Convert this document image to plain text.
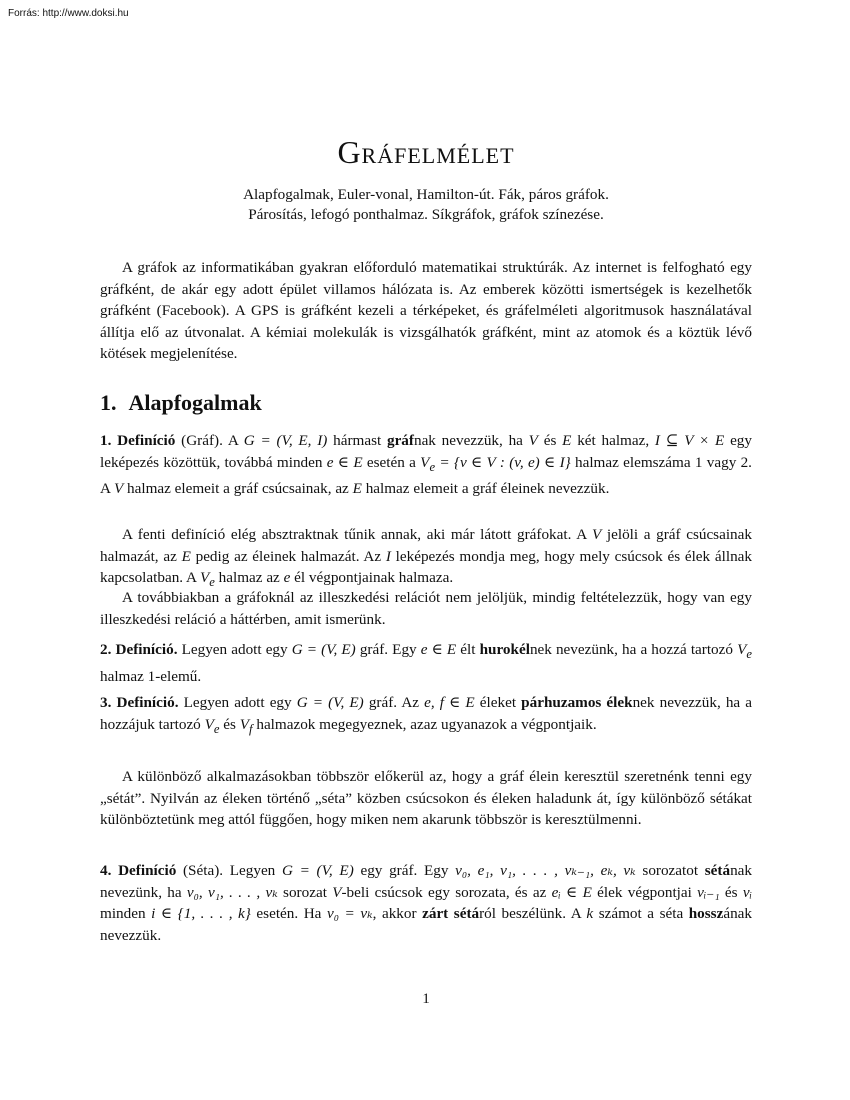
Forrás: http://www.doksi.hu
Gráfelmélet
Alapfogalmak, Euler-vonal, Hamilton-út. Fák, páros gráfok.
Párosítás, lefogó ponthalmaz. Síkgráfok, gráfok színezése.

A gráfok az informatikában gyakran előforduló matematikai struktúrák. Az internet is felfogható egy gráfként, de akár egy adott épület villamos hálózata is. Az emberek közötti ismertségek is kezelhetők gráfként (Facebook). A GPS is gráfként kezeli a térképeket, és gráfelméleti algoritmusok használatával állítja elő az útvonalat. A kémiai molekulák is vizsgálhatók gráfként, mint az atomok és a köztük lévő kötések megjelenítése.

1. Alapfogalmak

1. Definíció (Gráf). A G = (V, E, I) hármast gráfnak nevezzük, ha V és E két halmaz, I ⊆ V × E egy leképezés közöttük, továbbá minden e ∈ E esetén a $V_e = \{v$ ∈ V : (v, e) ∈ I} halmaz elemszáma 1 vagy 2. A V halmaz elemeit a gráf csúcsainak, az E halmaz elemeit a gráf éleinek nevezzük.

A fenti definíció elég absztraktnak tűnik annak, aki már látott gráfokat. A V jelöli a gráf csúcsainak halmazát, az E pedig az éleinek halmazát. Az I leképezés mondja meg, hogy mely csúcsok és élek állnak kapcsolatban. A $V_e$ halmaz az e él végpontjainak halmaza.

A továbbiakban a gráfoknál az illeszkedési relációt nem jelöljük, mindig feltételezzük, hogy van egy illeszkedési reláció a háttérben, amit ismerünk.

2. Definíció. Legyen adott egy G = (V, E) gráf. Egy e ∈ E élt hurokélnek nevezünk, ha a hozzá tartozó $V_e$ halmaz 1-elemű.

3. Definíció. Legyen adott egy G = (V, E) gráf. Az e, f ∈ E éleket párhuzamos éleknek nevezzük, ha a hozzájuk tartozó $V_e$ és $V_f$ halmazok megegyeznek, azaz ugyanazok a végpontjaik.

A különböző alkalmazásokban többször előkerül az, hogy a gráf élein keresztül szeretnénk tenni egy „sétát”. Nyilván az éleken történő „séta” közben csúcsokon és éleken haladunk át, így különböző sétákat különböztetünk meg attól függően, hogy miken nem akarunk többször is keresztülmenni.

4. Definíció (Séta). Legyen G = (V, E) egy gráf. Egy v₀, e₁, v₁, . . . , vₖ₋₁, eₖ, vₖ sorozatot sétának nevezünk, ha v₀, v₁, . . . , vₖ sorozat V-beli csúcsok egy sorozata, és az eᵢ ∈ E élek végpontjai vᵢ₋₁ és vᵢ minden i ∈ {1, . . . , k} esetén. Ha v₀ = vₖ, akkor zárt sétáról beszélünk. A k számot a séta hosszának nevezzük.

1
